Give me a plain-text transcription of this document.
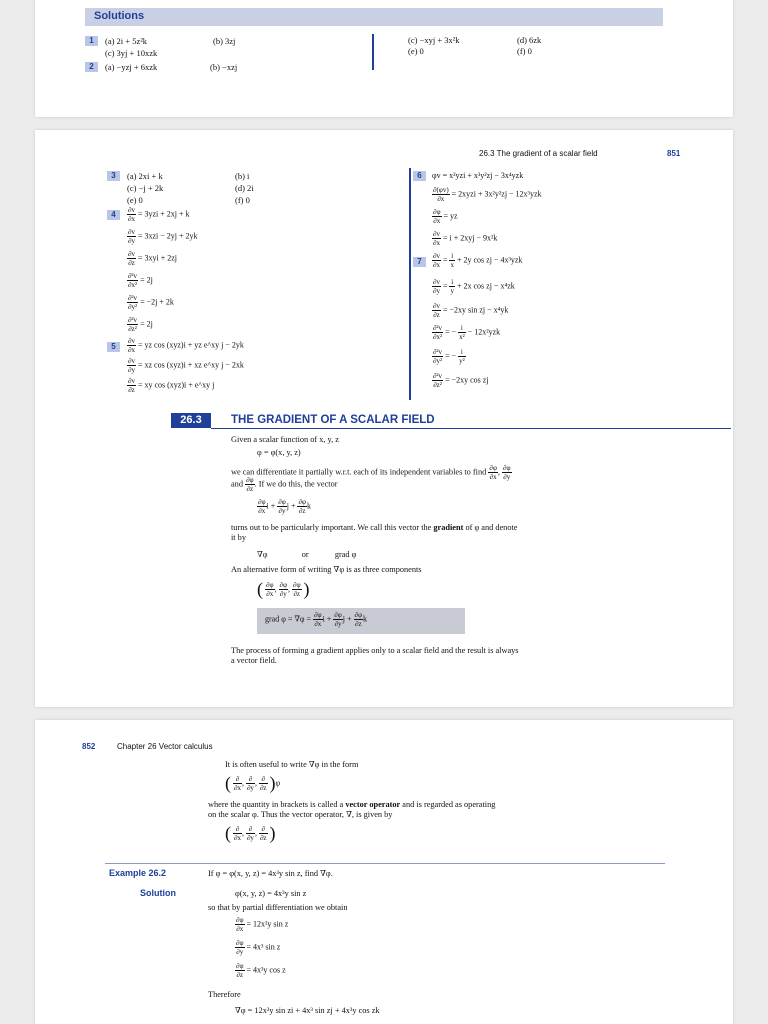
Solutions
1	(a) 2i + 5z²k	(b) 3zj
(c) 3yj + 10xzk
(c) −xyj + 3x²k	(d) 6zk
(e) 0	(f) 0
2	(a) −yzj + 6xzk	(b) −xzj
26.3 The gradient of a scalar field	851
3	(a) 2xi + k	(b) i
(c) −j + 2k	(d) 2i
(e) 0	(f) 0
4	$\frac{\partial v}{\partial x} = 3yzi + 2xj + k$
$\frac{\partial v}{\partial y} = 3xzi - 2yj + 2yk$
$\frac{\partial v}{\partial z} = 3xyi + 2zj$
$\frac{\text{∂²v}}{\text{∂x²}} = 2j$
$\frac{\text{∂²v}}{\text{∂y²}} = -2j + 2k$
$\frac{\text{∂²v}}{\text{∂z²}} = 2j$
5	$\frac{\partial v}{\partial x}$ = yz cos (xyz)i + yz e^xy j − 2yk
$\frac{\partial v}{\partial y}$ = xz cos (xyz)i + xz e^xy j − 2xk
$\frac{\partial v}{\partial z}$ = xy cos (xyz)i + e^xy j
6	φv = x²yzi + x³y²zj − 3x⁴yzk
$\frac{\partial(\varphi v)}{\partial x}$ = 2xyzi + 3x²y²zj − 12x³yzk
$\frac{\partial\varphi}{\partial x}$ = yz
$\frac{\partial v}{\partial x} = i + 2xyj - 9x^2k$
7	$\frac{\partial v}{\partial x} = \frac{i}{x} + 2y$ cos zj − 4x³yzk
$\frac{\partial v}{\partial y} = \frac{i}{y} + 2x$ cos zj − x⁴zk
$\frac{\partial v}{\partial z} = -2xy$ sin zj − x⁴yk
$\frac{\text{∂²v}}{\text{∂x²}}$ = − $\frac{i}{\text{x²}} - 12x^2yzk$
$\frac{\text{∂²v}}{\text{∂y²}}$ = − $\frac{i}{\text{y²}}$
$\frac{\text{∂²v}}{\text{∂z²}} = -2xy$ cos zj
26.3	THE GRADIENT OF A SCALAR FIELD
Given a scalar function of x, y, z
φ = φ(x, y, z)
we can differentiate it partially w.r.t. each of its independent variables to find $\frac{\partial\varphi}{\partial x}$ , $\frac{\partial\varphi}{\partial y}$
and $\frac{\partial\varphi}{\partial z}$ . If we do this, the vector
$\frac{\partial\varphi}{\partial x}$ $i + \frac{\partial\varphi}{\partial y}$ $j + \frac{\partial\varphi}{\partial z}$ k
turns out to be particularly important. We call this vector the gradient of φ and denote
it by
∇φ	or	grad φ
An alternative form of writing ∇φ is as three components
( $\frac{\partial\varphi}{\partial x}$ , $\frac{\partial\varphi}{\partial y}$ , $\frac{\partial\varphi}{\partial z}$ )
grad $\varphi = \nabla\varphi = \frac{\partial\varphi}{\partial x}$ $i + \frac{\partial\varphi}{\partial y}$ $j + \frac{\partial\varphi}{\partial z}$ k
The process of forming a gradient applies only to a scalar field and the result is always
a vector field.
852	Chapter 26 Vector calculus
It is often useful to write ∇φ in the form
( $\frac{\partial}{\partial x}$ , $\frac{\partial}{\partial y}$ , $\frac{\partial}{\partial z} )\varphi$
where the quantity in brackets is called a vector operator and is regarded as operating
on the scalar φ. Thus the vector operator, ∇, is given by
( $\frac{\partial}{\partial x}$ , $\frac{\partial}{\partial y}$ , $\frac{\partial}{\partial z}$ )
Example 26.2	If φ = φ(x, y, z) = 4x³y sin z, find ∇φ.
Solution	φ(x, y, z) = 4x³y sin z
so that by partial differentiation we obtain
$\frac{\partial\varphi}{\partial x} = 12x^2y$ sin z
$\frac{\partial\varphi}{\partial y} = 4x^3$ sin z
$\frac{\partial\varphi}{\partial z} = 4x^3y$ cos z
Therefore
∇φ = 12x²y sin zi + 4x³ sin zj + 4x³y cos zk
